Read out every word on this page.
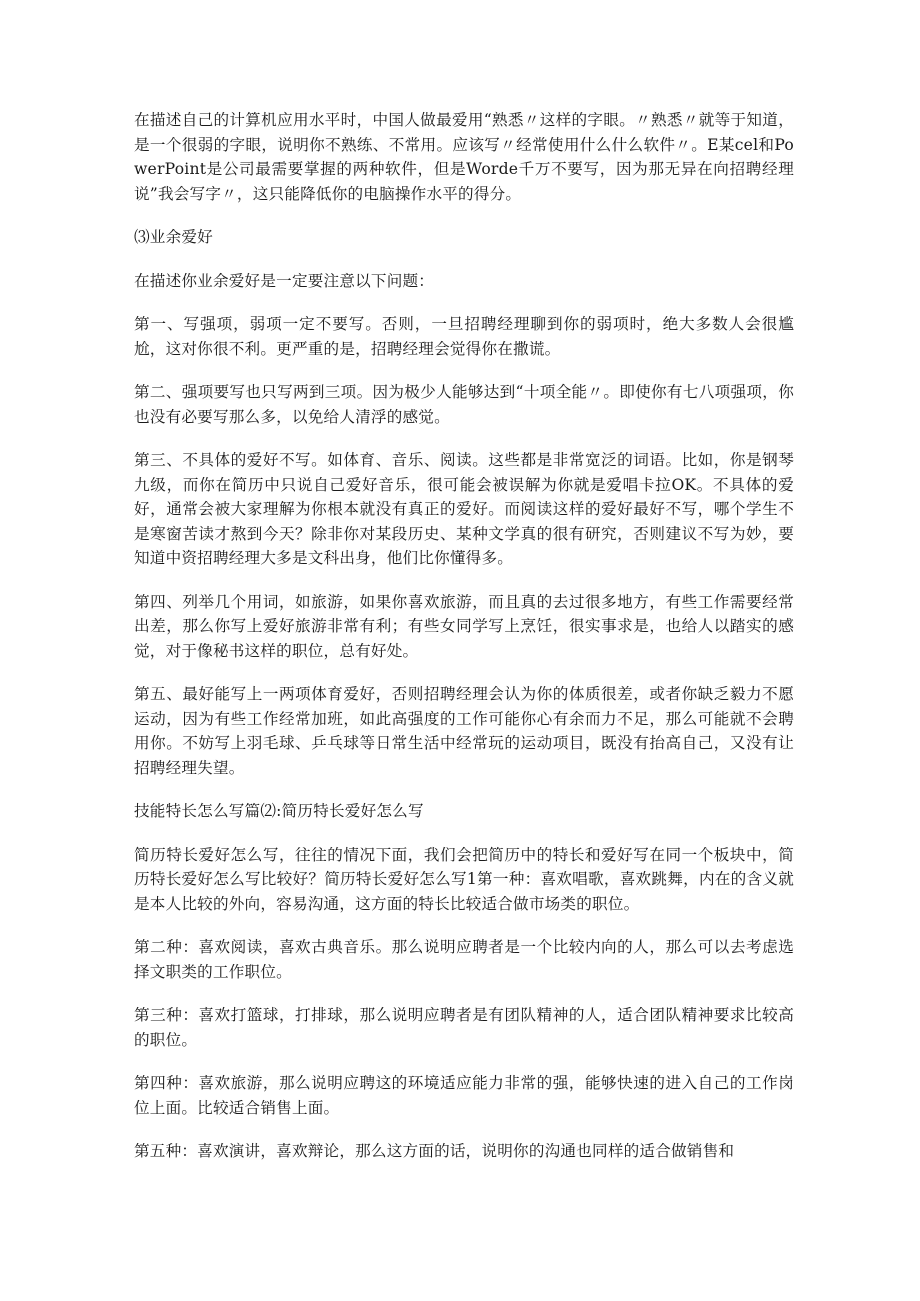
在描述自己的计算机应用水平时，中国人做最爱用“熟悉〃这样的字眼。〃熟悉〃就等于知道，是一个很弱的字眼，说明你不熟练、不常用。应该写〃经常使用什么什么软件〃。E某cel和PowerPoint是公司最需要掌握的两种软件，但是Worde千万不要写，因为那无异在向招聘经理说”我会写字〃，这只能降低你的电脑操作水平的得分。

⑶业余爱好

在描述你业余爱好是一定要注意以下问题：

第一、写强项，弱项一定不要写。否则，一旦招聘经理聊到你的弱项时，绝大多数人会很尴尬，这对你很不利。更严重的是，招聘经理会觉得你在撒谎。

第二、强项要写也只写两到三项。因为极少人能够达到“十项全能〃。即使你有七八项强项，你也没有必要写那么多，以免给人清浮的感觉。

第三、不具体的爱好不写。如体育、音乐、阅读。这些都是非常宽泛的词语。比如，你是钢琴九级，而你在简历中只说自己爱好音乐，很可能会被误解为你就是爱唱卡拉OK。不具体的爱好，通常会被大家理解为你根本就没有真正的爱好。而阅读这样的爱好最好不写，哪个学生不是寒窗苦读才熬到今天？除非你对某段历史、某种文学真的很有研究，否则建议不写为妙，要知道中资招聘经理大多是文科出身，他们比你懂得多。

第四、列举几个用词，如旅游，如果你喜欢旅游，而且真的去过很多地方，有些工作需要经常出差，那么你写上爱好旅游非常有利；有些女同学写上烹饪，很实事求是，也给人以踏实的感觉，对于像秘书这样的职位，总有好处。

第五、最好能写上一两项体育爱好，否则招聘经理会认为你的体质很差，或者你缺乏毅力不愿运动，因为有些工作经常加班，如此高强度的工作可能你心有余而力不足，那么可能就不会聘用你。不妨写上羽毛球、乒乓球等日常生活中经常玩的运动项目，既没有抬高自己，又没有让招聘经理失望。

技能特长怎么写篇⑵:简历特长爱好怎么写

简历特长爱好怎么写，往往的情况下面，我们会把简历中的特长和爱好写在同一个板块中，简历特长爱好怎么写比较好？简历特长爱好怎么写1第一种：喜欢唱歌，喜欢跳舞，内在的含义就是本人比较的外向，容易沟通，这方面的特长比较适合做市场类的职位。

第二种：喜欢阅读，喜欢古典音乐。那么说明应聘者是一个比较内向的人，那么可以去考虑选择文职类的工作职位。

第三种：喜欢打篮球，打排球，那么说明应聘者是有团队精神的人，适合团队精神要求比较高的职位。

第四种：喜欢旅游，那么说明应聘这的环境适应能力非常的强，能够快速的进入自己的工作岗位上面。比较适合销售上面。

第五种：喜欢演讲，喜欢辩论，那么这方面的话，说明你的沟通也同样的适合做销售和
